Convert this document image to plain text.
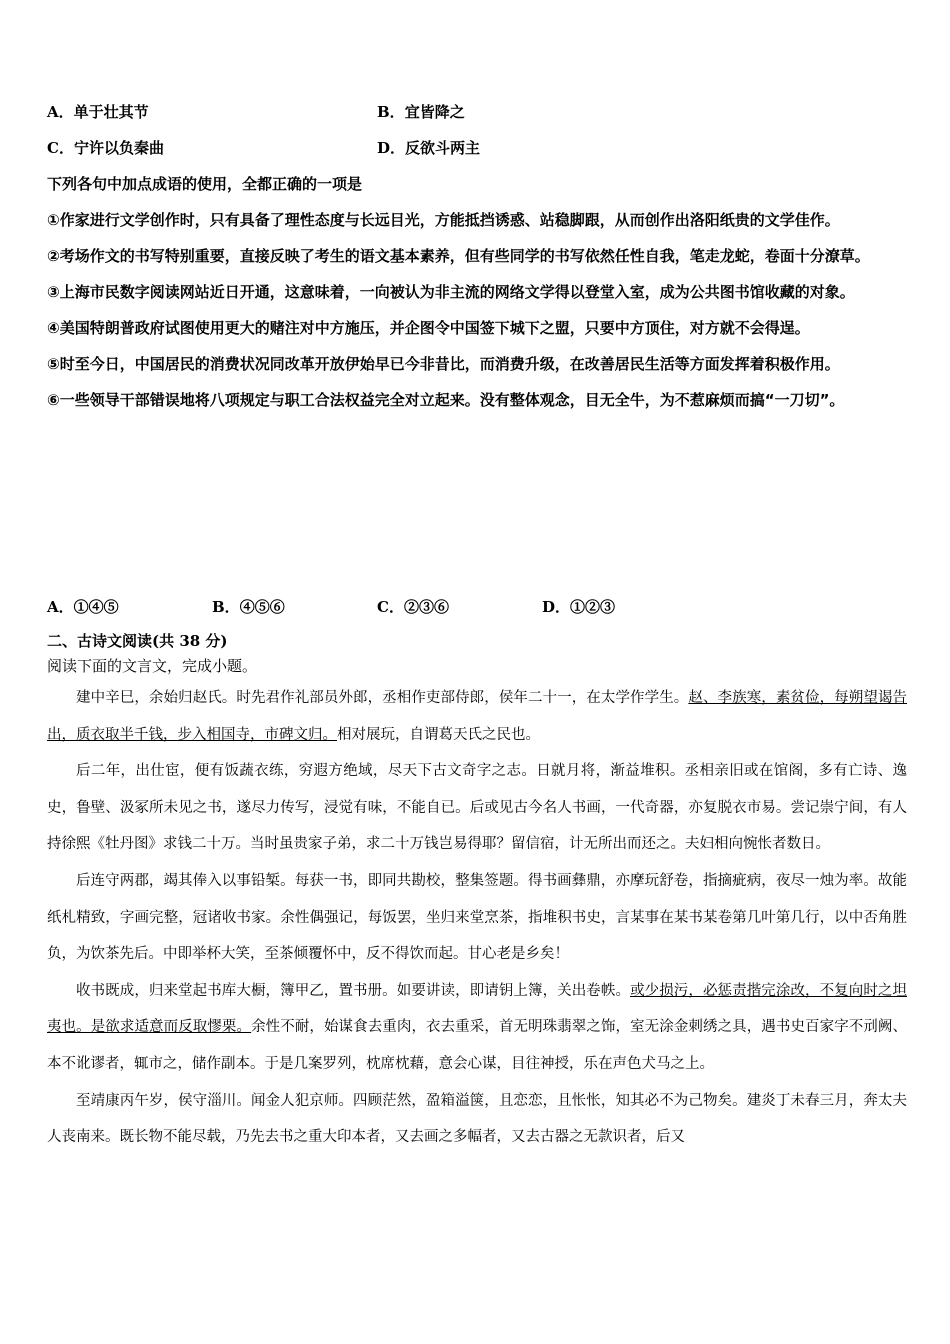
A．单于壮其节	B．宜皆降之
C．宁许以负秦曲	D．反欲斗两主

下列各句中加点成语的使用，全都正确的一项是

①作家进行文学创作时，只有具备了理性态度与长远目光，方能抵挡诱惑、站稳脚跟，从而创作出洛阳纸贵的文学佳作。

②考场作文的书写特别重要，直接反映了考生的语文基本素养，但有些同学的书写依然任性自我，笔走龙蛇，卷面十分潦草。

③上海市民数字阅读网站近日开通，这意味着，一向被认为非主流的网络文学得以登堂入室，成为公共图书馆收藏的对象。

④美国特朗普政府试图使用更大的赌注对中方施压，并企图令中国签下城下之盟，只要中方顶住，对方就不会得逞。

⑤时至今日，中国居民的消费状况同改革开放伊始早已今非昔比，而消费升级，在改善居民生活等方面发挥着积极作用。

⑥一些领导干部错误地将八项规定与职工合法权益完全对立起来。没有整体观念，目无全牛，为不惹麻烦而搞“一刀切”。

A．①④⑤	B．④⑤⑥	C．②③⑥	D．①②③
二、古诗文阅读(共 38 分)
阅读下面的文言文，完成小题。

建中辛巳，余始归赵氏。时先君作礼部员外郎，丞相作吏部侍郎，侯年二十一，在太学作学生。赵、李族寒，素贫俭，每朔望谒告出，质衣取半千钱，步入相国寺，市碑文归。相对展玩，自谓葛天氏之民也。

后二年，出仕宦，便有饭蔬衣练，穷遐方绝域，尽天下古文奇字之志。日就月将，渐益堆积。丞相亲旧或在馆阁，多有亡诗、逸史，鲁壁、汲冢所未见之书，遂尽力传写，浸觉有味，不能自已。后或见古今名人书画，一代奇器，亦复脱衣市易。尝记崇宁间，有人持徐熙《牡丹图》求钱二十万。当时虽贵家子弟，求二十万钱岂易得耶？留信宿，计无所出而还之。夫妇相向惋怅者数日。

后连守两郡，竭其俸入以事铅椠。每获一书，即同共勘校，整集签题。得书画彝鼎，亦摩玩舒卷，指摘疵病，夜尽一烛为率。故能纸札精致，字画完整，冠诸收书家。余性偶强记，每饭罢，坐归来堂烹茶，指堆积书史，言某事在某书某卷第几叶第几行，以中否角胜负，为饮茶先后。中即举杯大笑，至茶倾覆怀中，反不得饮而起。甘心老是乡矣！

收书既成，归来堂起书库大橱，簿甲乙，置书册。如要讲读，即请钥上簿，关出卷帙。或少损污，必惩责揩完涂改，不复向时之坦夷也。是欲求适意而反取憀栗。余性不耐，始谋食去重肉，衣去重采，首无明珠翡翠之饰，室无涂金刺绣之具，遇书史百家字不刓阙、本不讹谬者，辄市之，储作副本。于是几案罗列，枕席枕藉，意会心谋，目往神授，乐在声色犬马之上。

至靖康丙午岁，侯守淄川。闻金人犯京师。四顾茫然，盈箱溢箧，且恋恋，且怅怅，知其必不为己物矣。建炎丁未春三月，奔太夫人丧南来。既长物不能尽载，乃先去书之重大印本者，又去画之多幅者，又去古器之无款识者，后又
